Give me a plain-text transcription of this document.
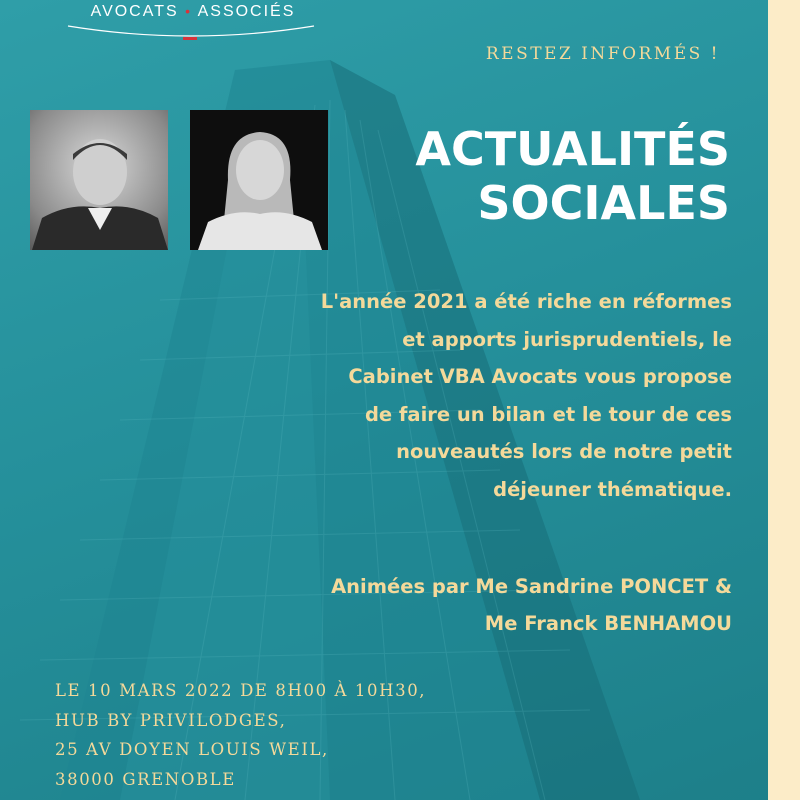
AVOCATS • ASSOCIÉS
RESTEZ INFORMÉS !
ACTUALITÉS
SOCIALES

L'année 2021 a été riche en réformes
et apports jurisprudentiels, le
Cabinet VBA Avocats vous propose
de faire un bilan et le tour de ces
nouveautés lors de notre petit
déjeuner thématique.

Animées par Me Sandrine PONCET &
Me Franck BENHAMOU

LE 10 MARS 2022 DE 8H00 À 10H30,
HUB BY PRIVILODGES,
25 AV DOYEN LOUIS WEIL,
38000 GRENOBLE
